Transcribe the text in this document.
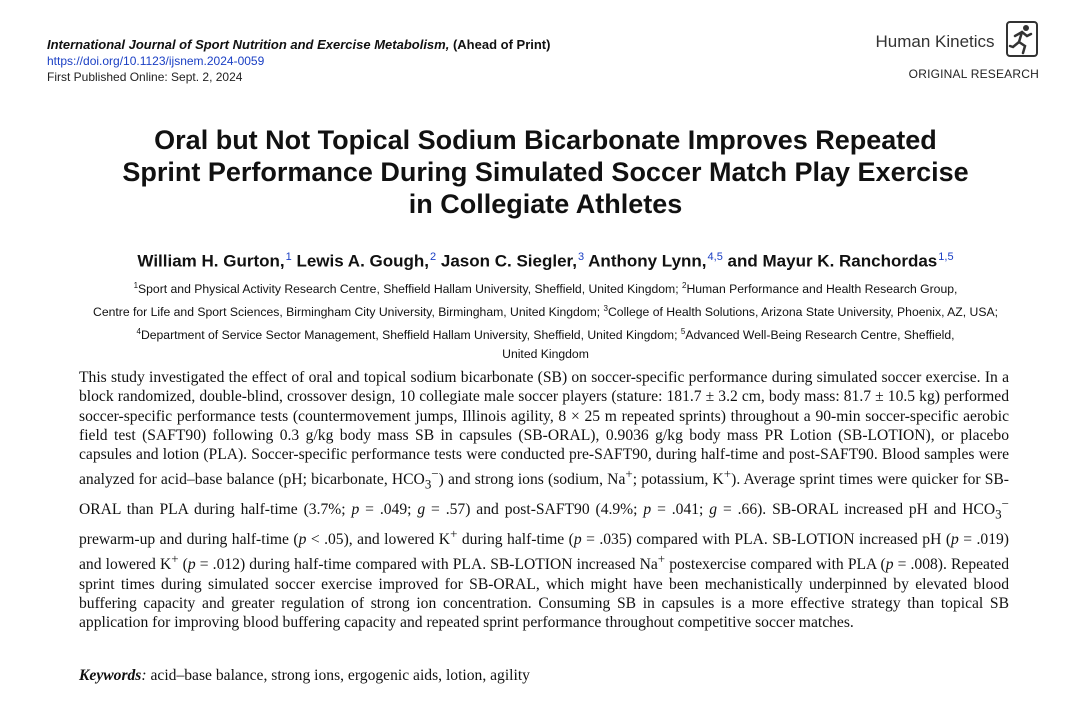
International Journal of Sport Nutrition and Exercise Metabolism, (Ahead of Print)
https://doi.org/10.1123/ijsnem.2024-0059
First Published Online: Sept. 2, 2024
Human Kinetics
ORIGINAL RESEARCH
Oral but Not Topical Sodium Bicarbonate Improves Repeated
Sprint Performance During Simulated Soccer Match Play Exercise
in Collegiate Athletes
William H. Gurton,$^1$ Lewis A. Gough,$^2$ Jason C. Siegler,$^3$ Anthony Lynn,$^{4,5}$ and Mayur K. Ranchordas$^{1,5}$
$^1$Sport and Physical Activity Research Centre, Sheffield Hallam University, Sheffield, United Kingdom; $^2$Human Performance and Health Research Group,
Centre for Life and Sport Sciences, Birmingham City University, Birmingham, United Kingdom; $^3$College of Health Solutions, Arizona State University, Phoenix, AZ, USA;
$^4$Department of Service Sector Management, Sheffield Hallam University, Sheffield, United Kingdom; $^5$Advanced Well-Being Research Centre, Sheffield,
United Kingdom

This study investigated the effect of oral and topical sodium bicarbonate (SB) on soccer-specific performance during simulated soccer exercise. In a block randomized, double-blind, crossover design, 10 collegiate male soccer players (stature: 181.7 ± 3.2 cm, body mass: 81.7 ± 10.5 kg) performed soccer-specific performance tests (countermovement jumps, Illinois agility, 8 × 25 m repeated sprints) throughout a 90-min soccer-specific aerobic field test (SAFT90) following 0.3 g/kg body mass SB in capsules (SB-ORAL), 0.9036 g/kg body mass PR Lotion (SB-LOTION), or placebo capsules and lotion (PLA). Soccer-specific performance tests were conducted pre-SAFT90, during half-time and post-SAFT90. Blood samples were analyzed for acid–base balance (pH; bicarbonate, $HCO_3^-$) and strong ions (sodium, Na+; potassium, K+). Average sprint times were quicker for SB-ORAL than PLA during half-time (3.7%; p = .049; g = .57) and post-SAFT90 (4.9%; p = .041; g = .66). SB-ORAL increased pH and $HCO_3^-$ prewarm-up and during half-time (p < .05), and lowered K+ during half-time (p = .035) compared with PLA. SB-LOTION increased pH (p = .019) and lowered K+ (p = .012) during half-time compared with PLA. SB-LOTION increased Na+ postexercise compared with PLA (p = .008). Repeated sprint times during simulated soccer exercise improved for SB-ORAL, which might have been mechanistically underpinned by elevated blood buffering capacity and greater regulation of strong ion concentration. Consuming SB in capsules is a more effective strategy than topical SB application for improving blood buffering capacity and repeated sprint performance throughout competitive soccer matches.

Keywords: acid–base balance, strong ions, ergogenic aids, lotion, agility
